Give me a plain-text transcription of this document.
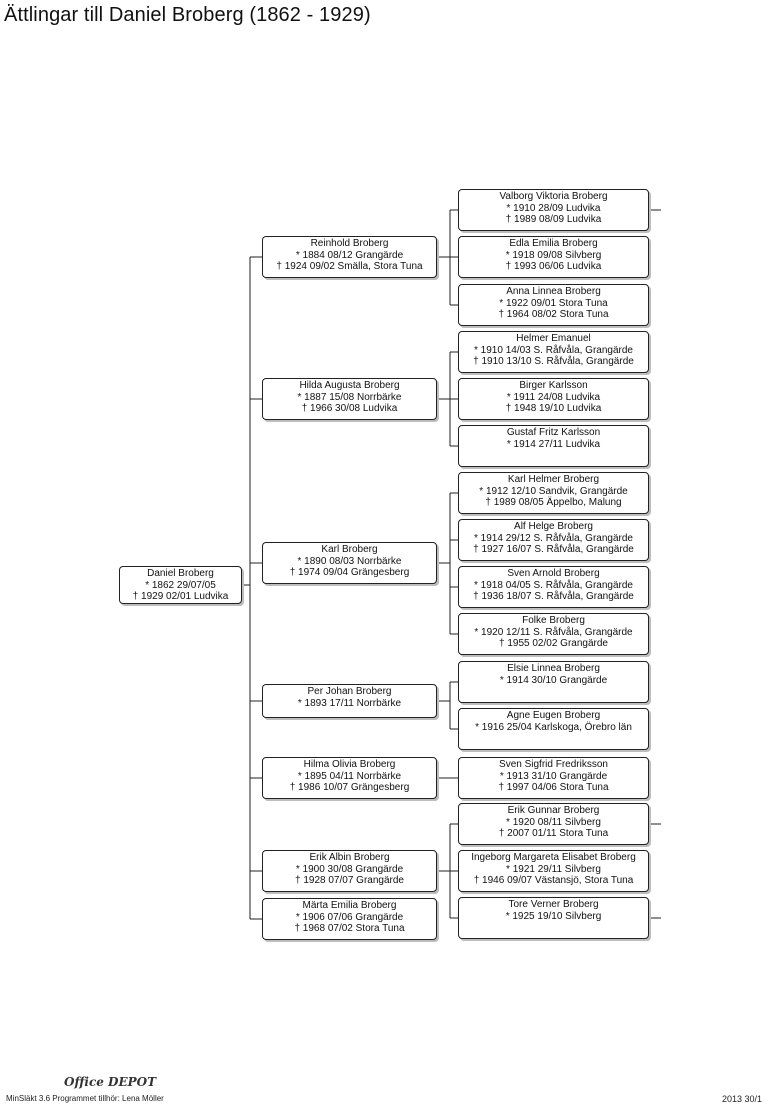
Ättlingar till Daniel Broberg (1862 - 1929)
Daniel Broberg
* 1862 29/07/05
† 1929 02/01 Ludvika
Reinhold Broberg
* 1884 08/12 Grangärde
† 1924 09/02 Smälla, Stora Tuna
Valborg Viktoria Broberg
* 1910 28/09 Ludvika
† 1989 08/09 Ludvika
Edla Emilia Broberg
* 1918 09/08 Silvberg
† 1993 06/06 Ludvika
Anna Linnea Broberg
* 1922 09/01 Stora Tuna
† 1964 08/02 Stora Tuna
Hilda Augusta Broberg
* 1887 15/08 Norrbärke
† 1966 30/08 Ludvika
Helmer Emanuel
* 1910 14/03 S. Råfvåla, Grangärde
† 1910 13/10 S. Råfvåla, Grangärde
Birger Karlsson
* 1911 24/08 Ludvika
† 1948 19/10 Ludvika
Gustaf Fritz Karlsson
* 1914 27/11 Ludvika
Karl Broberg
* 1890 08/03 Norrbärke
† 1974 09/04 Grängesberg
Karl Helmer Broberg
* 1912 12/10 Sandvik, Grangärde
† 1989 08/05 Äppelbo, Malung
Alf Helge Broberg
* 1914 29/12 S. Råfvåla, Grangärde
† 1927 16/07 S. Råfvåla, Grangärde
Sven Arnold Broberg
* 1918 04/05 S. Råfvåla, Grangärde
† 1936 18/07 S. Råfvåla, Grangärde
Folke Broberg
* 1920 12/11 S. Råfvåla, Grangärde
† 1955 02/02 Grangärde
Per Johan Broberg
* 1893 17/11 Norrbärke
Elsie Linnea Broberg
* 1914 30/10 Grangärde
Agne Eugen Broberg
* 1916 25/04 Karlskoga, Örebro län
Hilma Olivia Broberg
* 1895 04/11 Norrbärke
† 1986 10/07 Grängesberg
Sven Sigfrid Fredriksson
* 1913 31/10 Grangärde
† 1997 04/06 Stora Tuna
Erik Albin Broberg
* 1900 30/08 Grangärde
† 1928 07/07 Grangärde
Erik Gunnar Broberg
* 1920 08/11 Silvberg
† 2007 01/11 Stora Tuna
Ingeborg Margareta Elisabet Broberg
* 1921 29/11 Silvberg
† 1946 09/07 Västansjö, Stora Tuna
Tore Verner Broberg
* 1925 19/10 Silvberg
Märta Emilia Broberg
* 1906 07/06 Grangärde
† 1968 07/02 Stora Tuna
Office DEPOT
MinSläkt 3.6 Programmet tillhör: Lena Möller	2013 30/1
